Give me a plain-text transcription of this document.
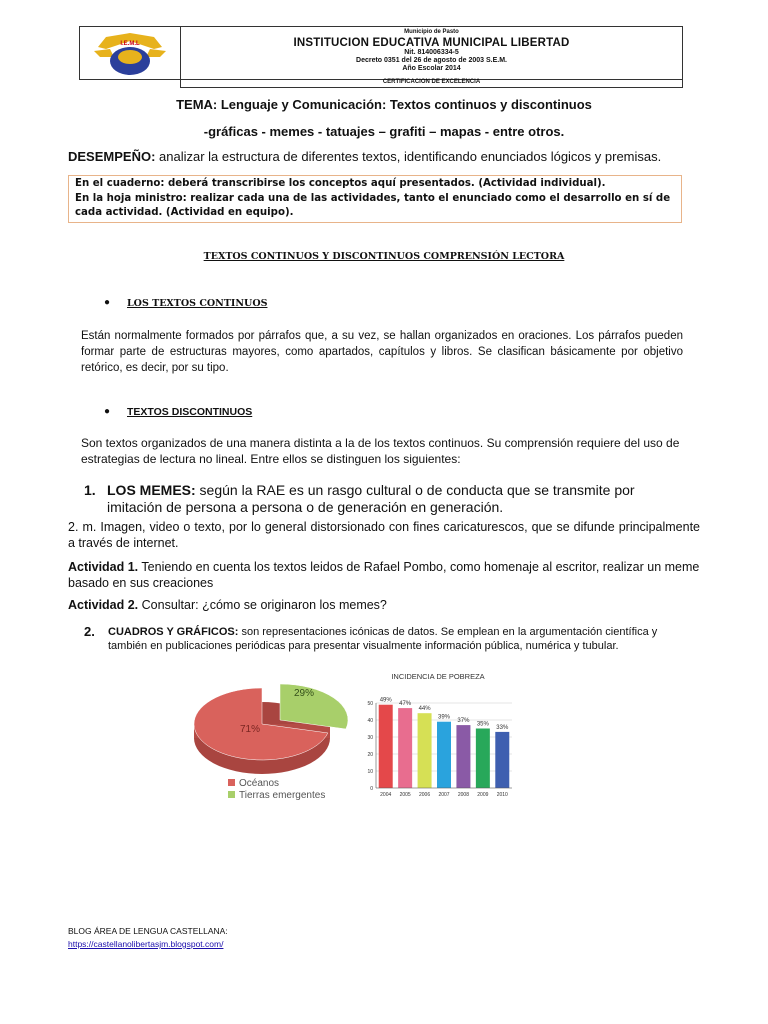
I.E.M.L
Municipio de Pasto
INSTITUCION EDUCATIVA MUNICIPAL LIBERTAD
Nit. 814006334-5
Decreto 0351 del 26 de agosto de 2003 S.E.M.
Año Escolar 2014
CERTIFICACION DE EXCELENCIA
TEMA: Lenguaje y Comunicación: Textos continuos y discontinuos
-gráficas - memes - tatuajes – grafiti – mapas - entre otros.
DESEMPEÑO: analizar la estructura de diferentes textos, identificando enunciados lógicos y premisas.
En el cuaderno: deberá transcribirse los conceptos aquí presentados. (Actividad individual).
En la hoja ministro: realizar cada una de las actividades, tanto el enunciado como el desarrollo en sí de cada actividad. (Actividad en equipo).
TEXTOS CONTINUOS Y DISCONTINUOS COMPRENSIÓN LECTORA
● LOS TEXTOS CONTINUOS
Están normalmente formados por párrafos que, a su vez, se hallan organizados en oraciones. Los párrafos pueden formar parte de estructuras mayores, como apartados, capítulos y libros. Se clasifican básicamente por objetivo retórico, es decir, por su tipo.
● TEXTOS DISCONTINUOS
Son textos organizados de una manera distinta a la de los textos continuos. Su comprensión requiere del uso de estrategias de lectura no lineal. Entre ellos se distinguen los siguientes:
1. LOS MEMES: según la RAE es un rasgo cultural o de conducta que se transmite por imitación de persona a persona o de generación en generación.
2. m. Imagen, video o texto, por lo general distorsionado con fines caricaturescos, que se difunde principalmente a través de internet.
Actividad 1. Teniendo en cuenta los textos leidos de Rafael Pombo, como homenaje al escritor, realizar un meme basado en sus creaciones
Actividad 2. Consultar: ¿cómo se originaron los memes?
2. CUADROS Y GRÁFICOS: son representaciones icónicas de datos. Se emplean en la argumentación científica y también en publicaciones periódicas para presentar visualmente información pública, numérica y tubular.
71%
29%
Océanos
Tierras emergentes
INCIDENCIA DE POBREZA
0
10
20
30
40
50
49%
2004
47%
2005
44%
2006
39%
2007
37%
2008
35%
2009
33%
2010
BLOG ÁREA DE LENGUA CASTELLANA:
https://castellanolibertasjm.blogspot.com/
